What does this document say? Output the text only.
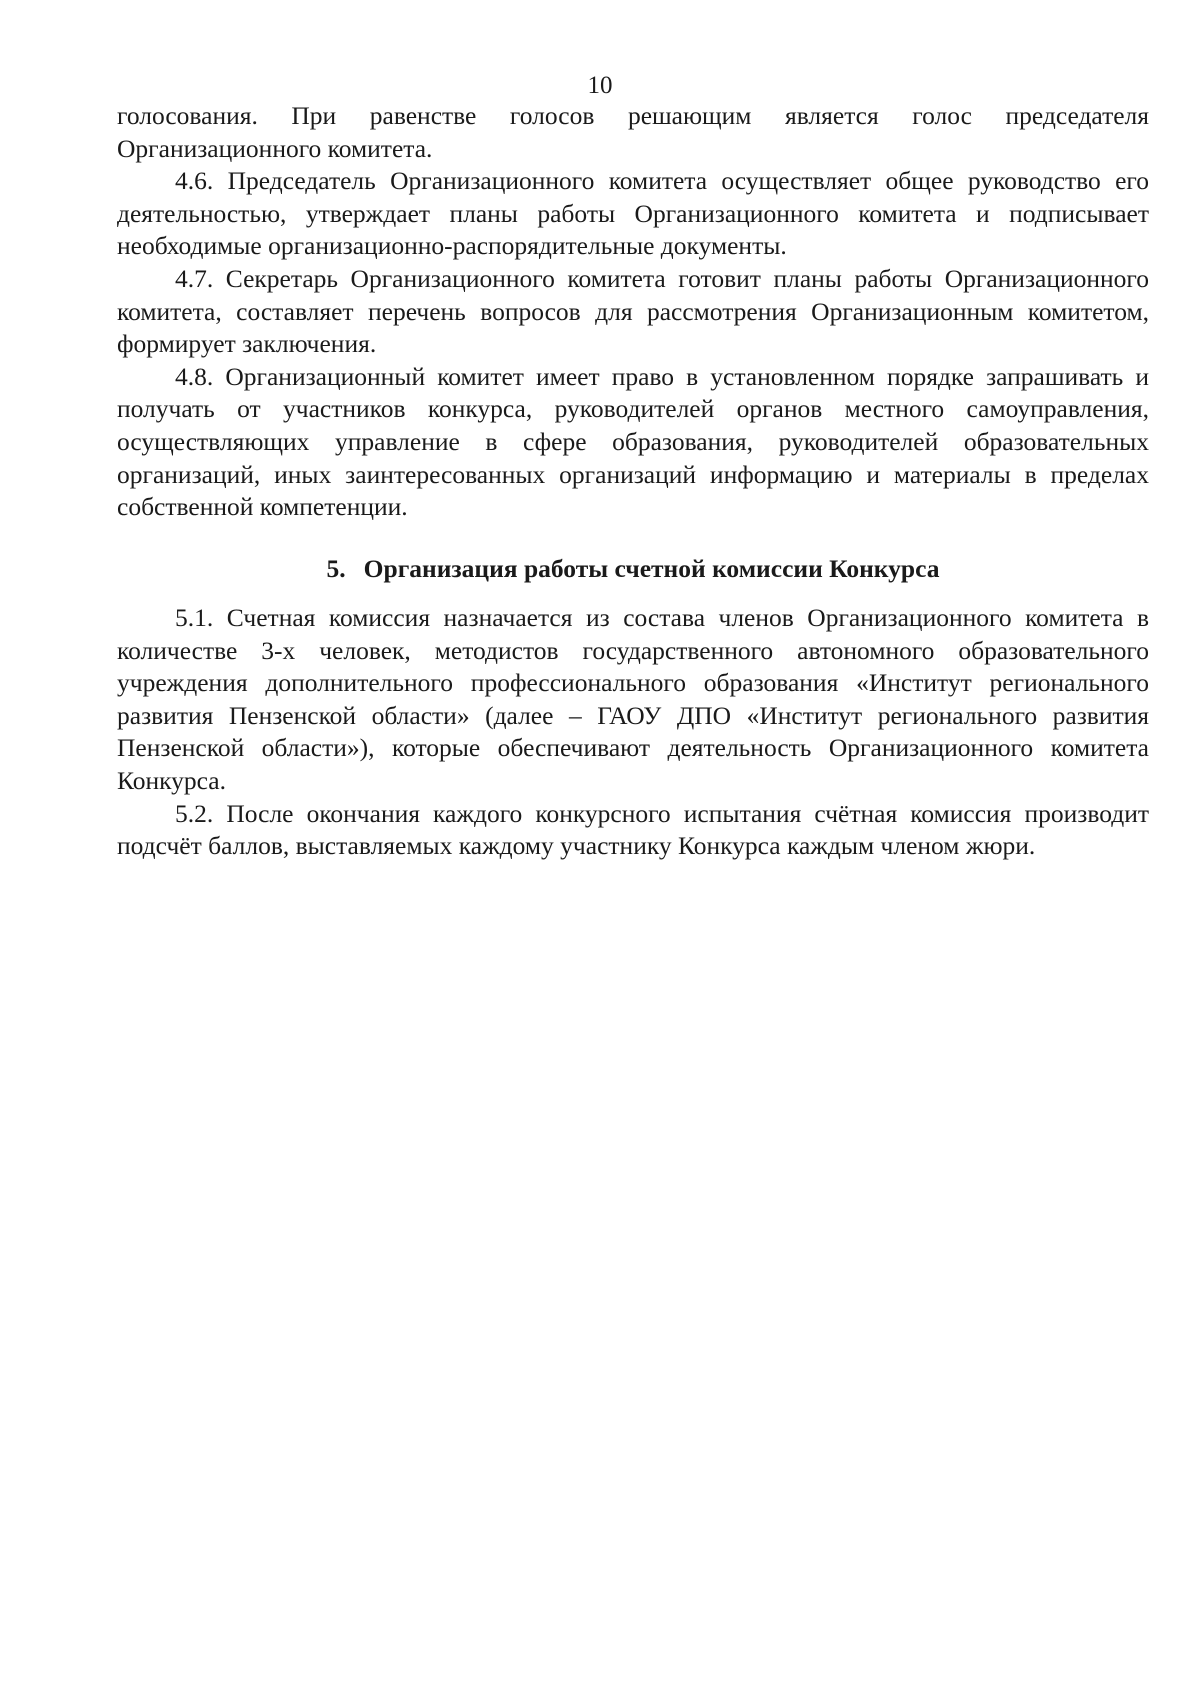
10

голосования. При равенстве голосов решающим является голос председателя Организационного комитета.

4.6. Председатель Организационного комитета осуществляет общее руководство его деятельностью, утверждает планы работы Организационного комитета и подписывает необходимые организационно-распорядительные документы.

4.7. Секретарь Организационного комитета готовит планы работы Организационного комитета, составляет перечень вопросов для рассмотрения Организационным комитетом, формирует заключения.

4.8. Организационный комитет имеет право в установленном порядке запрашивать и получать от участников конкурса, руководителей органов местного самоуправления, осуществляющих управление в сфере образования, руководителей образовательных организаций, иных заинтересованных организаций информацию и материалы в пределах собственной компетенции.

5. Организация работы счетной комиссии Конкурса

5.1. Счетная комиссия назначается из состава членов Организационного комитета в количестве 3-х человек, методистов государственного автономного образовательного учреждения дополнительного профессионального образования «Институт регионального развития Пензенской области» (далее – ГАОУ ДПО «Институт регионального развития Пензенской области»), которые обеспечивают деятельность Организационного комитета Конкурса.

5.2. После окончания каждого конкурсного испытания счётная комиссия производит подсчёт баллов, выставляемых каждому участнику Конкурса каждым членом жюри.
